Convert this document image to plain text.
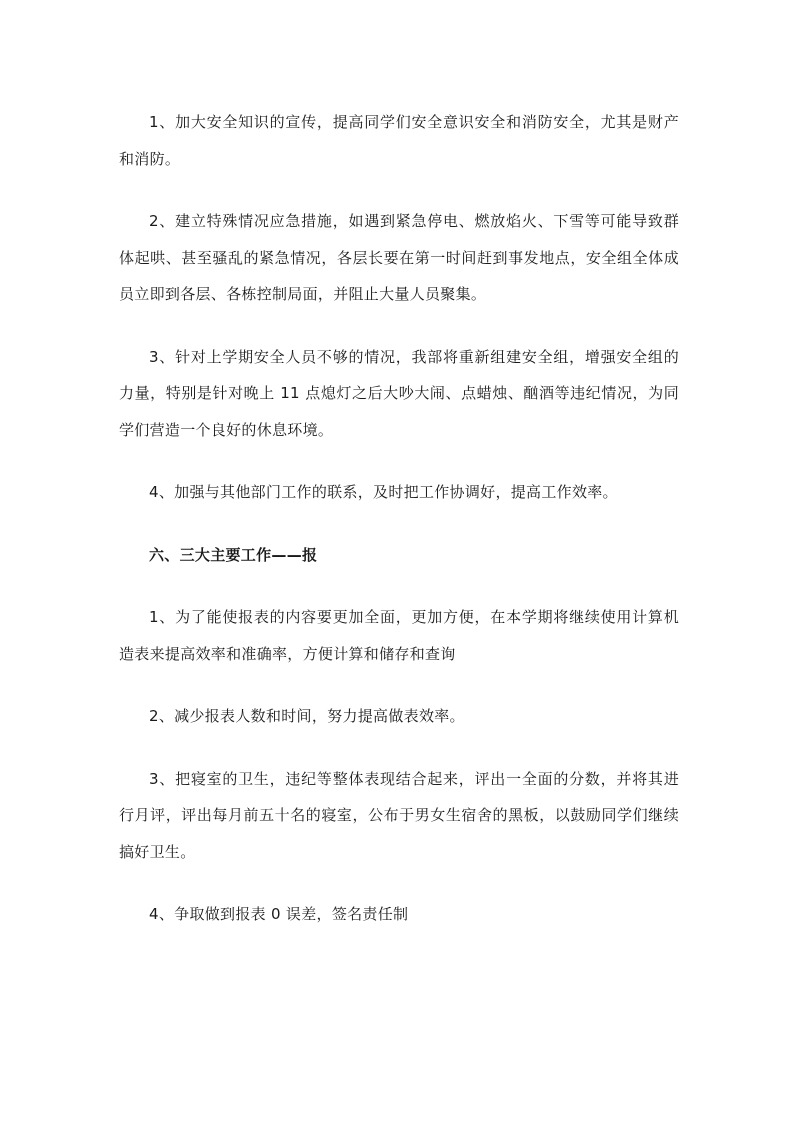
1、加大安全知识的宣传，提高同学们安全意识安全和消防安全，尤其是财产和消防。

2、建立特殊情况应急措施，如遇到紧急停电、燃放焰火、下雪等可能导致群体起哄、甚至骚乱的紧急情况，各层长要在第一时间赶到事发地点，安全组全体成员立即到各层、各栋控制局面，并阻止大量人员聚集。

3、针对上学期安全人员不够的情况，我部将重新组建安全组，增强安全组的力量，特别是针对晚上 11 点熄灯之后大吵大闹、点蜡烛、酗酒等违纪情况，为同学们营造一个良好的休息环境。

4、加强与其他部门工作的联系，及时把工作协调好，提高工作效率。

六、三大主要工作——报

1、为了能使报表的内容要更加全面，更加方便，在本学期将继续使用计算机造表来提高效率和准确率，方便计算和储存和查询

2、减少报表人数和时间，努力提高做表效率。

3、把寝室的卫生，违纪等整体表现结合起来，评出一全面的分数，并将其进行月评，评出每月前五十名的寝室，公布于男女生宿舍的黑板，以鼓励同学们继续搞好卫生。

4、争取做到报表 0 误差，签名责任制
